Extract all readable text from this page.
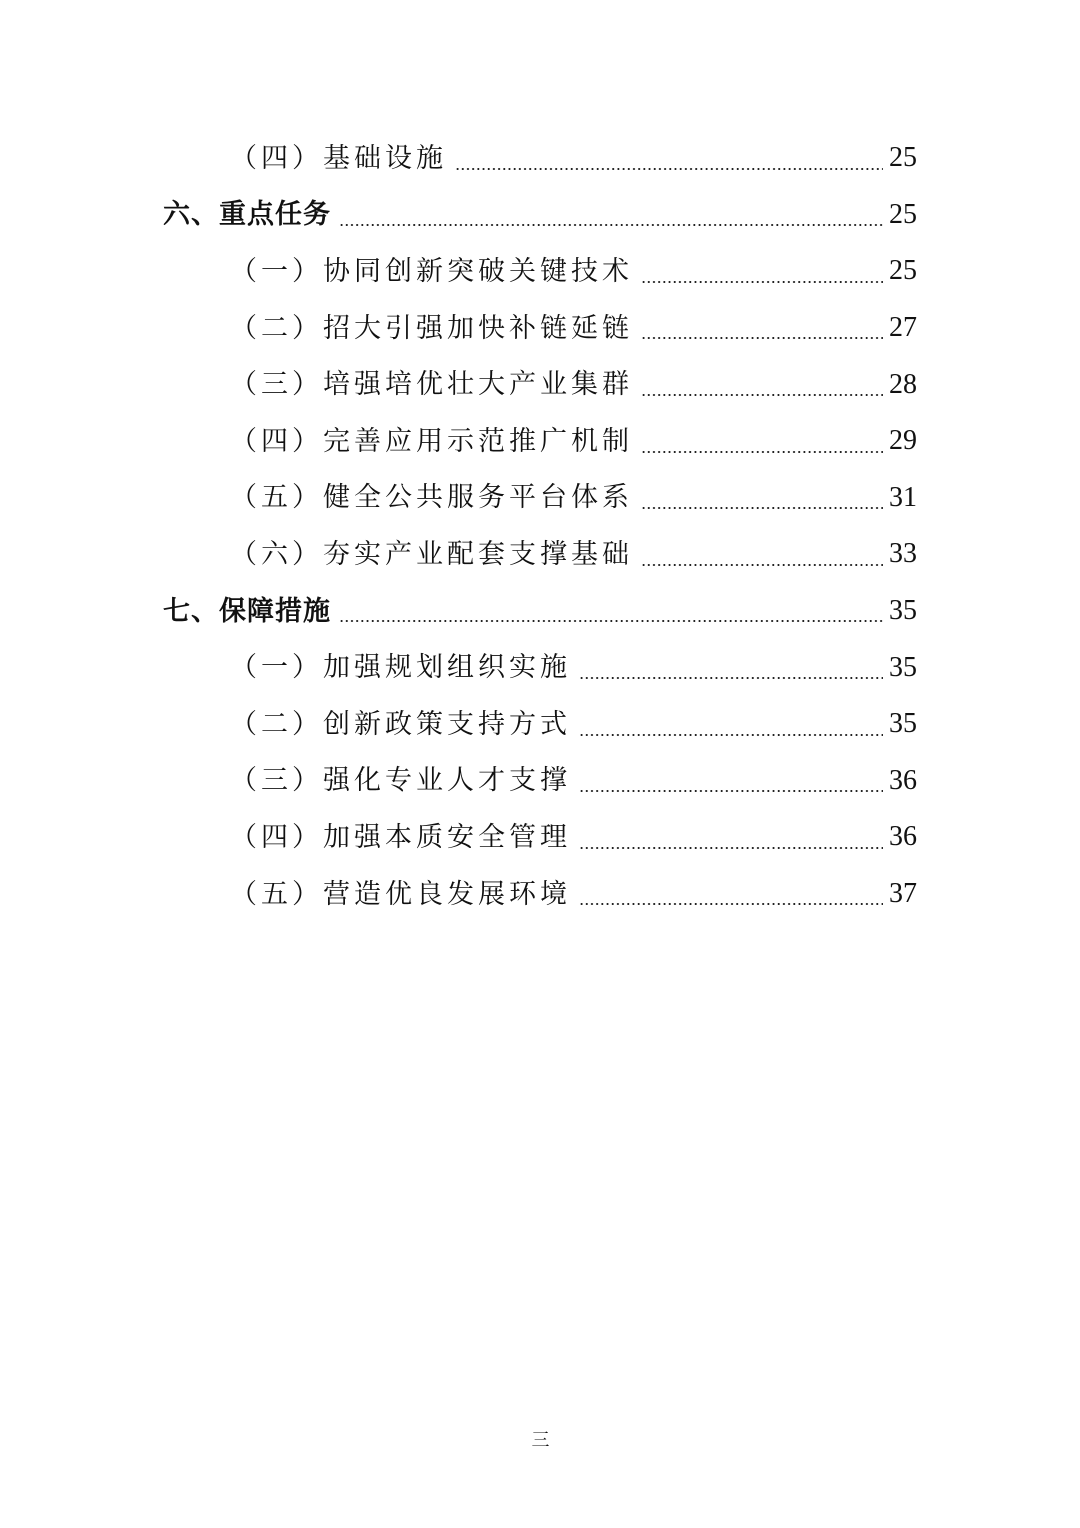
（四）基础设施	25
六、重点任务	25
（一）协同创新突破关键技术	25
（二）招大引强加快补链延链	27
（三）培强培优壮大产业集群	28
（四）完善应用示范推广机制	29
（五）健全公共服务平台体系	31
（六）夯实产业配套支撑基础	33
七、保障措施	35
（一）加强规划组织实施	35
（二）创新政策支持方式	35
（三）强化专业人才支撑	36
（四）加强本质安全管理	36
（五）营造优良发展环境	37
三
